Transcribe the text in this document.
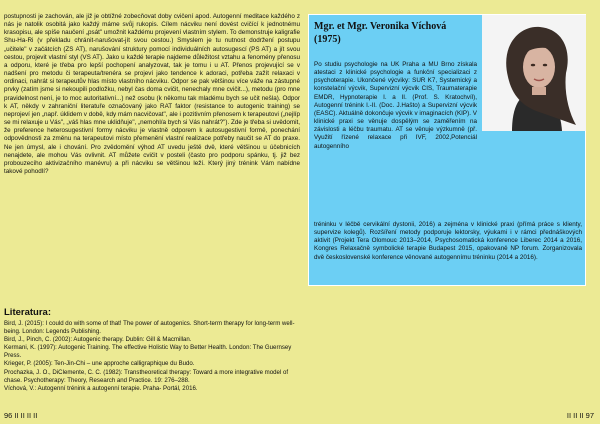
postupnosti je zachován, ale již je obtížné zobecňovat doby cvičení apod. Autogenní meditace každého z nás je natolik osobitá jako každý máme svůj rukopis. Cílem nácviku není dovést cvičící k jednotnému krasopisu, ale spíše naučení „psát" umožnit každému projevení vlastním stylem. To demonstruje kaligrafie Shu-Ha-Ri (v překladu chránit-narušovat-jít svou cestou.) Smyslem je tu nutnost dodržení postupu „učitele" v začátcích (ZS AT), narušování struktury pomocí individuálních autosugescí (PS AT) a jít svou cestou, projevit vlastní styl (VS AT). Jako u každé terapie najdeme důležitost vztahu a fenomény přenosu a odporu, které je třeba pro lepší pochopení analyzovat, tak je tomu i u AT. Přenos projevující se v nadšení pro metodu či terapeuta/trenéra se projeví jako tendence k adoraci, potřeba zažít relaxaci v ordinaci, nahrát si terapeutův hlas místo vlastního nácviku. Odpor se pak většinou více váže na zástupné prvky (zatím jsme si nekoupili podložku, nebyl čas doma cvičit, nenechaly mne cvičit...), metodu (pro mne pravidelnost není, je to moc autoritativní...) než osobu (k někomu tak mladému bych se učit nešla). Odpor k AT, někdy v zahraniční literatuře označovaný jako RAT faktor (resistance to autogenic training) se neprojeví jen „např. úklidem v době, kdy mám nacvičovat", ale i pozitivním přenosem k terapeutovi („nejlíp se mi relaxuje u Vás", „váš hlas mne uklidňuje", „nemohl/a bych si Vás nahrát?"). Zde je třeba si uvědomit, že preference heterosugestivní formy nácviku je vlastně odporem k autosugestivní formě, ponechání odpovědnosti za změnu na terapeutovi místo přemenění vlastní realizace potřeby naučit se AT do praxe. Ne jen úmysl, ale i chování. Pro zvědomění výhod AT uvedu ještě dvě, které většinou u účebnicích nenajdete, ale mohou Vás ovlivnit. AT můžete cvičit v posteli (často pro podporu spánku, tj. již bez probouzecího aktivizačního manévru) a při nácviku se většinou leží. Který jiný trénink Vám nabídne takové pohodlí?

Literatura:
Bird, J. (2015): I could do with some of that! The power of autogenics. Short-term therapy for long-term well-being. London: Legends Publishing.
Bird, J., Pinch, C. (2002): Autogenic therapy. Dublin: Gill & Macmillan.
Kermani, K. (1997): Autogenic Training. The effective Holistic Way to Better Health. London: The Guernsey Press.
Krieger, P. (2005): Ten-Jin-Chi – une approche calligraphique du Budo.
Prochazka, J. O., DiClemente, C. C. (1982): Transtheoretical therapy: Toward a more integrative model of chase. Psychotherapy: Theory, Research and Practice. 19: 276–288.
Víchová, V.: Autogenní trénink a autogenní terapie. Praha- Portál, 2016.
Mgr. et Mgr. Veronika Víchová (1975)

Po studiu psychologie na UK Praha a MU Brno získala atestaci z klinické psychologie a funkční specializaci z psychoterapie. Ukončené výcviky: SUR K7, Systemický a konstelační výcvik, Supervizní výcvik CIS, Traumaterapie EMDR, Hypnoterapie I. a II. (Prof. S. Kratochvíl), Autogenní trénink I.-II. (Doc. J.Hašto) a Supervizní výcvik (EASC). Aktuálně dokončuje výcvik v imaginacích (KIP). V klinické praxi se věnuje dospělým se zaměřením na závislosti a léčbu traumatu. AT se věnuje výzkumně (př. Využití řízené relaxace při IVF, 2002,Potenciál autogenního

tréninku v léčbě cervikální dystonii, 2016) a zejména v klinické praxi (přímá práce s klienty, supervize kolegů). Rozšíření metody podporuje lektorsky, výukami i v rámci přednáškových aktivit (Projekt Tera Olomouc 2013–2014, Psychosomatická konference Liberec 2014 a 2016, Kongres Relaxačně symbolické terapie Budapest 2015, opakovaně NP forum. Zorganizovala dvě československé konference věnované autogennímu tréninku (2014 a 2016).

96 II II II II	II II II 97
